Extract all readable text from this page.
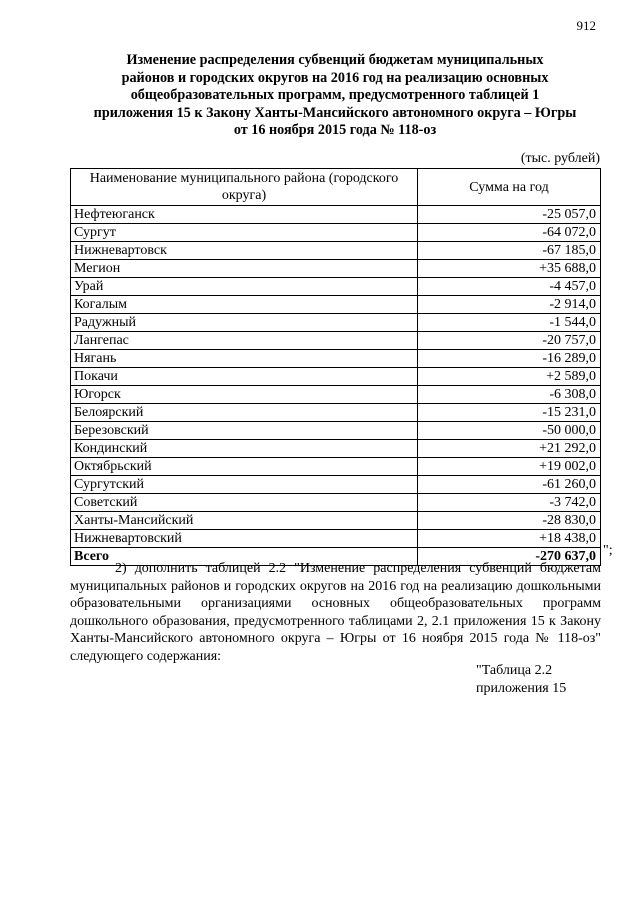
912
Изменение распределения субвенций бюджетам муниципальных
районов и городских округов на 2016 год на реализацию основных
общеобразовательных программ, предусмотренного таблицей 1
приложения 15 к Закону Ханты-Мансийского автономного округа – Югры
от 16 ноября 2015 года № 118-оз
(тыс. рублей)
Наименование муниципального района (городского округа)	Сумма на год
Нефтеюганск	-25 057,0
Сургут	-64 072,0
Нижневартовск	-67 185,0
Мегион	+35 688,0
Урай	-4 457,0
Когалым	-2 914,0
Радужный	-1 544,0
Лангепас	-20 757,0
Нягань	-16 289,0
Покачи	+2 589,0
Югорск	-6 308,0
Белоярский	-15 231,0
Березовский	-50 000,0
Кондинский	+21 292,0
Октябрьский	+19 002,0
Сургутский	-61 260,0
Советский	-3 742,0
Ханты-Мансийский	-28 830,0
Нижневартовский	+18 438,0
Всего	-270 637,0 ";
2) дополнить таблицей 2.2 "Изменение распределения субвенций бюджетам муниципальных районов и городских округов на 2016 год на реализацию дошкольными образовательными организациями основных общеобразовательных программ дошкольного образования, предусмотренного таблицами 2, 2.1 приложения 15 к Закону Ханты-Мансийского автономного округа – Югры от 16 ноября 2015 года № 118-оз" следующего содержания:
"Таблица 2.2
приложения 15
